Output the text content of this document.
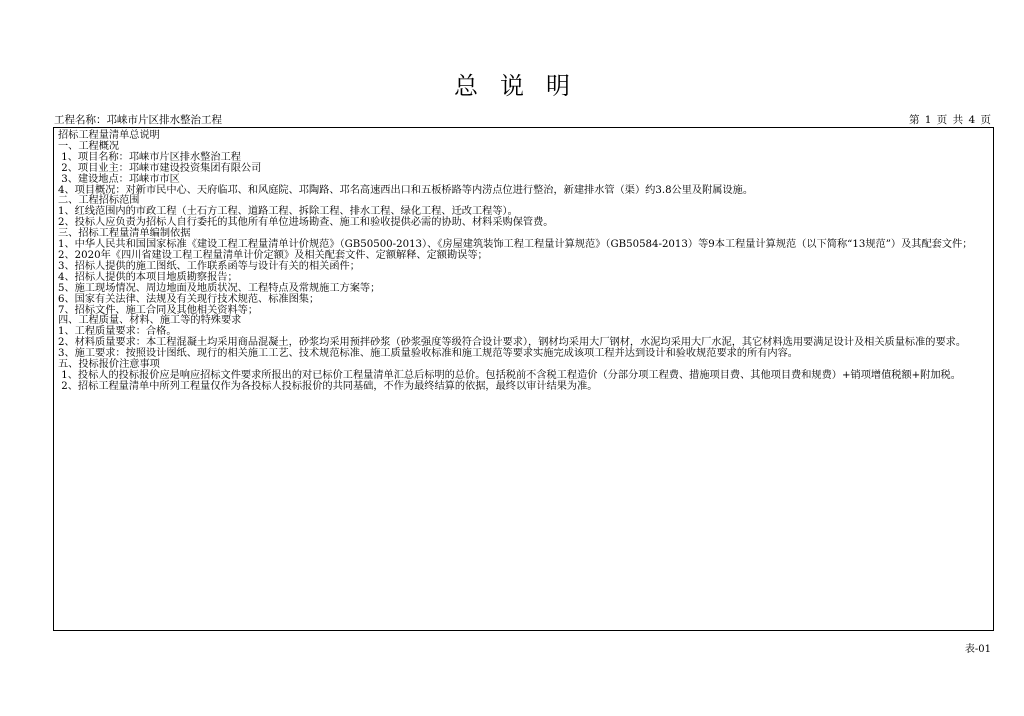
总说明
工程名称：邛崃市片区排水整治工程	第 1 页 共 4 页
招标工程量清单总说明
一、工程概况
1、项目名称：邛崃市片区排水整治工程
2、项目业主：邛崃市建设投资集团有限公司
3、建设地点：邛崃市市区
4、项目概况：对新市民中心、天府临邛、和风庭院、邛陶路、邛名高速西出口和五板桥路等内涝点位进行整治，新建排水管（渠）约3.8公里及附属设施。
二、工程招标范围
1、红线范围内的市政工程（土石方工程、道路工程、拆除工程、排水工程、绿化工程、迁改工程等）。
2、投标人应负责为招标人自行委托的其他所有单位进场勘查、施工和验收提供必需的协助、材料采购保管费。
三、招标工程量清单编制依据
1、中华人民共和国国家标准《建设工程工程量清单计价规范》（GB50500-2013）、《房屋建筑装饰工程工程量计算规范》（GB50584-2013）等9本工程量计算规范（以下简称“13规范”）及其配套文件；
2、2020年《四川省建设工程工程量清单计价定额》及相关配套文件、定额解释、定额勘误等；
3、招标人提供的施工图纸、工作联系函等与设计有关的相关函件；
4、招标人提供的本项目地质勘察报告；
5、施工现场情况、周边地面及地质状况、工程特点及常规施工方案等；
6、国家有关法律、法规及有关现行技术规范、标准图集；
7、招标文件、施工合同及其他相关资料等；
四、工程质量、材料、施工等的特殊要求
1、工程质量要求：合格。
2、材料质量要求：本工程混凝土均采用商品混凝土，砂浆均采用预拌砂浆（砂浆强度等级符合设计要求），钢材均采用大厂钢材，水泥均采用大厂水泥，其它材料选用要满足设计及相关质量标准的要求。
3、施工要求：按照设计图纸、现行的相关施工工艺、技术规范标准、施工质量验收标准和施工规范等要求实施完成该项工程并达到设计和验收规范要求的所有内容。
五、投标报价注意事项
1、投标人的投标报价应是响应招标文件要求所报出的对已标价工程量清单汇总后标明的总价。包括税前不含税工程造价（分部分项工程费、措施项目费、其他项目费和规费）+销项增值税额+附加税。
2、招标工程量清单中所列工程量仅作为各投标人投标报价的共同基础，不作为最终结算的依据，最终以审计结果为准。
表-01
